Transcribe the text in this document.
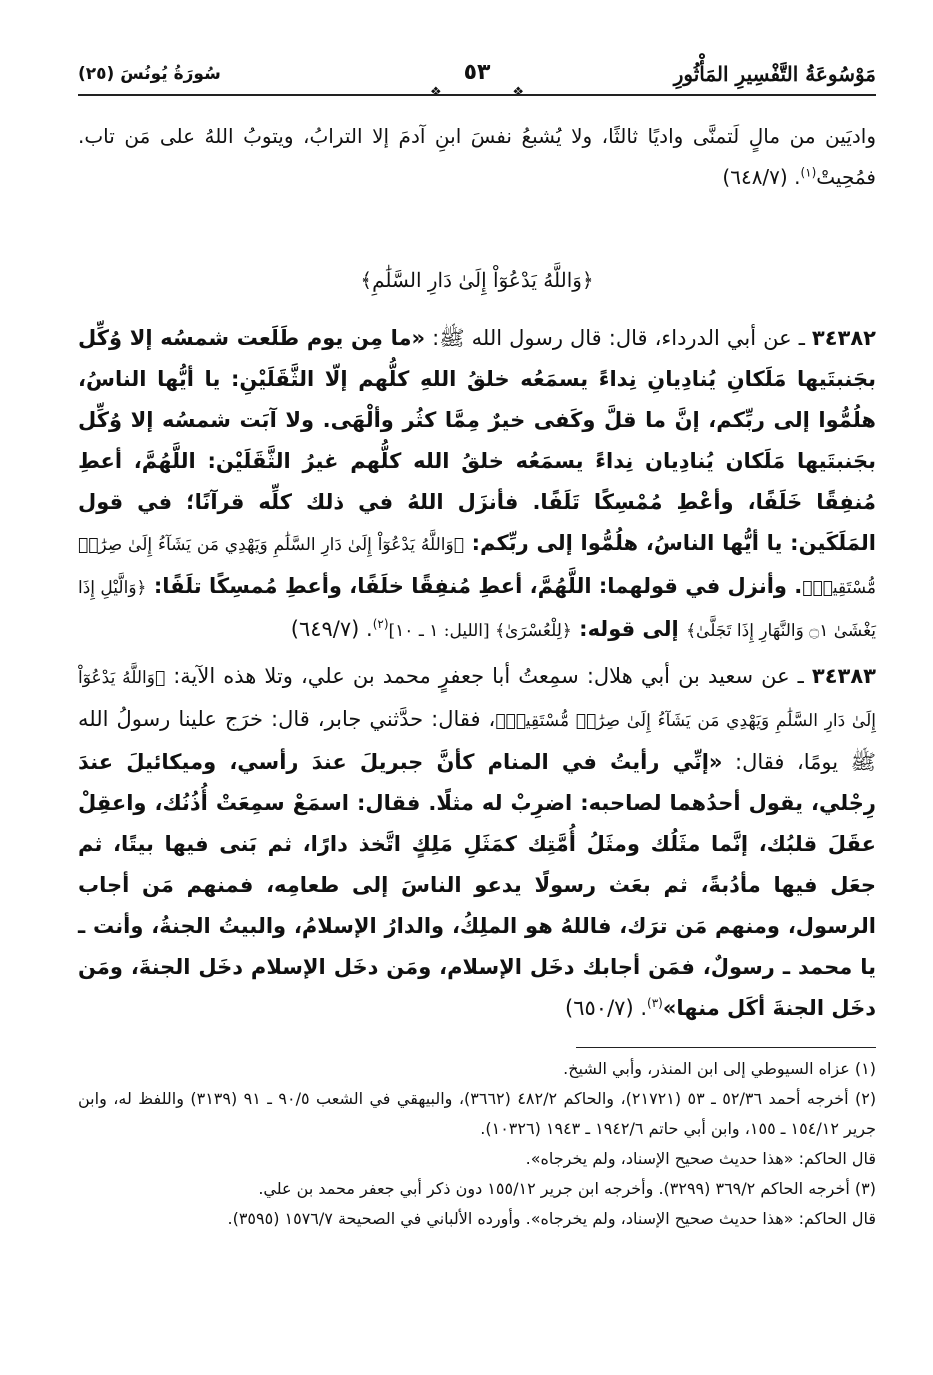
مَوْسُوعَةُ التَّفْسِيرِ المَأْثُورِ
٥٣
سُورَةُ يُونُسَ (٢٥)
❖
❖

واديَين من مالٍ لَتمنَّى واديًا ثالثًا، ولا يُشبعُ نفسَ ابنِ آدمَ إلا الترابُ، ويتوبُ اللهُ على مَن تاب. فمُحِيتْ$^{(١)}$. (٦٤٨/٧)

﴿وَاللَّهُ يَدْعُوٓاْ إِلَىٰ دَارِ السَّلَٰمِ﴾

٣٤٣٨٢ ـ عن أبي الدرداء، قال: قال رسول الله ﷺ: «ما مِن يوم طَلَعت شمسُه إلا وُكِّل بجَنبتَيها مَلَكانِ يُنادِيانِ نِداءً يسمَعُه خلقُ اللهِ كلُّهم إلّا الثَّقَلَيْنِ: يا أيُّها الناسُ، هلُمُّوا إلى ربِّكم، إنَّ ما قلَّ وكَفى خيرٌ مِمَّا كثُر وألْهَى. ولا آبَت شمسُه إلا وُكِّل بجَنبتَيها مَلَكان يُنادِيان نِداءً يسمَعُه خلقُ الله كلُّهم غيرُ الثَّقَلَيْن: اللَّهُمَّ، أعطِ مُنفِقًا خَلَفًا، وأعْطِ مُمْسِكًا تَلَفًا. فأنزَل اللهُ في ذلك كلِّه قرآنًا؛ في قول المَلَكَين: يا أيُّها الناسُ، هلُمُّوا إلى ربِّكم: ﴿وَاللَّهُ يَدْعُوٓاْ إِلَىٰ دَارِ السَّلَٰمِ وَيَهْدِي مَن يَشَآءُ إِلَىٰ صِرَٰطٖ مُّسْتَقِيمٖ﴾. وأنزل في قولهما: اللَّهُمَّ، أعطِ مُنفِقًا خلَفًا، وأعطِ مُمسِكًا تلَفًا: ﴿وَالَّيْلِ إِذَا يَغْشَىٰ ۝١ وَالنَّهَارِ إِذَا تَجَلَّىٰ﴾ إلى قوله: ﴿لِلْعُسْرَىٰ﴾ [الليل: ١ ـ ١٠]$^{(٢)}$. (٦٤٩/٧)

٣٤٣٨٣ ـ عن سعيد بن أبي هلال: سمِعتُ أبا جعفرٍ محمد بن علي، وتلا هذه الآية: ﴿وَاللَّهُ يَدْعُوٓاْ إِلَىٰ دَارِ السَّلَٰمِ وَيَهْدِي مَن يَشَآءُ إِلَىٰ صِرَٰطٖ مُّسْتَقِيمٖ﴾، فقال: حدَّثني جابر، قال: خرَج علينا رسولُ الله ﷺ يومًا، فقال: «إنِّي رأيتُ في المنام كأنَّ جبريلَ عندَ رأسي، وميكائيلَ عندَ رِجْلي، يقول أحدُهما لصاحبه: اضرِبْ له مثلًا. فقال: اسمَعْ سمِعَتْ أُذُنُك، واعقِلْ عقَلَ قلبُك، إنَّما مثَلُك ومثَلُ أُمَّتِك كمَثَلِ مَلِكٍ اتَّخذ دارًا، ثم بَنى فيها بيتًا، ثم جعَل فيها مأدُبةً، ثم بعَث رسولًا يدعو الناسَ إلى طعامِه، فمنهم مَن أجاب الرسول، ومنهم مَن ترَك، فاللهُ هو الملِكُ، والدارُ الإسلامُ، والبيتُ الجنةُ، وأنت ـ يا محمد ـ رسولٌ، فمَن أجابك دخَل الإسلام، ومَن دخَل الإسلام دخَل الجنةَ، ومَن دخَل الجنةَ أكَل منها»$^{(٣)}$. (٦٥٠/٧)

(١) عزاه السيوطي إلى ابن المنذر، وأبي الشيخ.

(٢) أخرجه أحمد ٥٢/٣٦ ـ ٥٣ (٢١٧٢١)، والحاكم ٤٨٢/٢ (٣٦٦٢)، والبيهقي في الشعب ٩٠/٥ ـ ٩١ (٣١٣٩) واللفظ له، وابن جرير ١٥٤/١٢ ـ ١٥٥، وابن أبي حاتم ١٩٤٢/٦ ـ ١٩٤٣ (١٠٣٢٦).

قال الحاكم: «هذا حديث صحيح الإسناد، ولم يخرجاه».

(٣) أخرجه الحاكم ٣٦٩/٢ (٣٢٩٩). وأخرجه ابن جرير ١٥٥/١٢ دون ذكر أبي جعفر محمد بن علي.

قال الحاكم: «هذا حديث صحيح الإسناد، ولم يخرجاه». وأورده الألباني في الصحيحة ١٥٧٦/٧ (٣٥٩٥).
